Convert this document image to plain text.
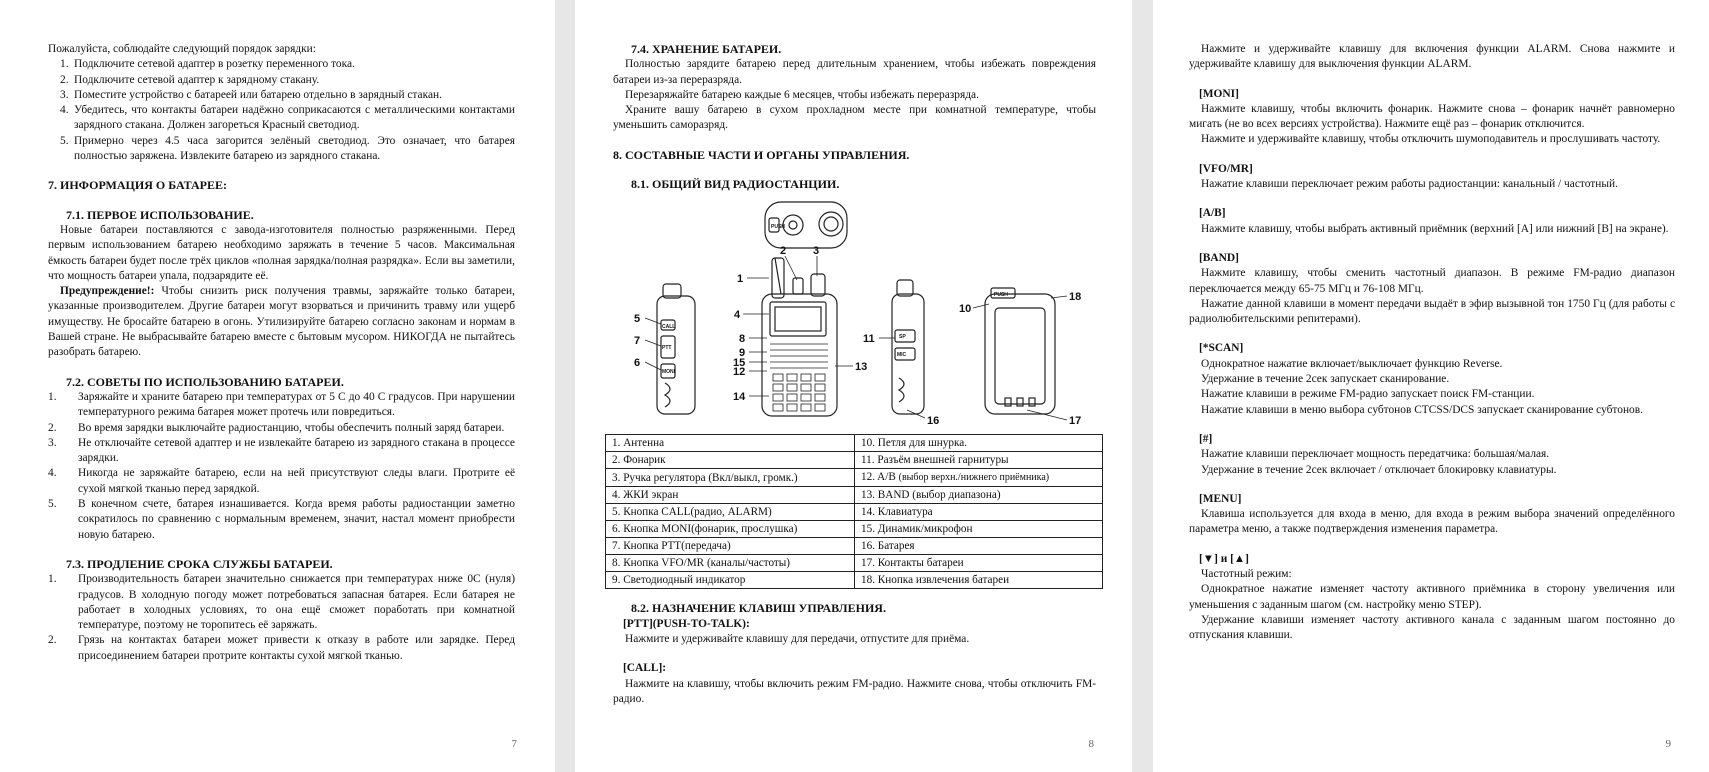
Пожалуйста, соблюдайте следующий порядок зарядки:

1. Подключите сетевой адаптер в розетку переменного тока.
2. Подключите сетевой адаптер к зарядному стакану.
3. Поместите устройство с батареей или батарею отдельно в зарядный стакан.
4. Убедитесь, что контакты батареи надёжно соприкасаются с металлическими контактами зарядного стакана. Должен загореться Красный светодиод.
5. Примерно через 4.5 часа загорится зелёный светодиод. Это означает, что батарея полностью заряжена. Извлеките батарею из зарядного стакана.
7. ИНФОРМАЦИЯ О БАТАРЕЕ:
7.1. ПЕРВОЕ ИСПОЛЬЗОВАНИЕ.

Новые батареи поставляются с завода-изготовителя полностью разряженными. Перед первым использованием батарею необходимо заряжать в течение 5 часов. Максимальная ёмкость батареи будет после трёх циклов «полная зарядка/полная разрядка». Если вы заметили, что мощность батареи упала, подзарядите её.

Предупреждение!: Чтобы снизить риск получения травмы, заряжайте только батареи, указанные производителем. Другие батареи могут взорваться и причинить травму или ущерб имуществу. Не бросайте батарею в огонь. Утилизируйте батарею согласно законам и нормам в Вашей стране. Не выбрасывайте батарею вместе с бытовым мусором. НИКОГДА не пытайтесь разобрать батарею.

7.2. СОВЕТЫ ПО ИСПОЛЬЗОВАНИЮ БАТАРЕИ.
1.	Заряжайте и храните батарею при температурах от 5 С до 40 С градусов. При нарушении температурного режима батарея может протечь или повредиться.
2.	Во время зарядки выключайте радиостанцию, чтобы обеспечить полный заряд батареи.
3.	Не отключайте сетевой адаптер и не извлекайте батарею из зарядного стакана в процессе зарядки.
4.	Никогда не заряжайте батарею, если на ней присутствуют следы влаги. Протрите её сухой мягкой тканью перед зарядкой.
5.	В конечном счете, батарея изнашивается. Когда время работы радиостанции заметно сократилось по сравнению с нормальным временем, значит, настал момент приобрести новую батарею.
7.3. ПРОДЛЕНИЕ СРОКА СЛУЖБЫ БАТАРЕИ.
1.	Производительность батареи значительно снижается при температурах ниже 0С (нуля) градусов. В холодную погоду может потребоваться запасная батарея. Если батарея не работает в холодных условиях, то она ещё сможет поработать при комнатной температуре, поэтому не торопитесь её заряжать.
2.	Грязь на контактах батареи может привести к отказу в работе или зарядке. Перед присоединением батареи протрите контакты сухой мягкой тканью.
7
7.4. ХРАНЕНИЕ БАТАРЕИ.

Полностью зарядите батарею перед длительным хранением, чтобы избежать повреждения батареи из-за переразряда.

Перезаряжайте батарею каждые 6 месяцев, чтобы избежать переразряда.

Храните вашу батарею в сухом прохладном месте при комнатной температуре, чтобы уменьшить саморазряд.

8. СОСТАВНЫЕ ЧАСТИ И ОРГАНЫ УПРАВЛЕНИЯ.
8.1. ОБЩИЙ ВИД РАДИОСТАНЦИИ.
1
2 3
4
5
6
7	8
9
15
12	13
14
10
11
16	17
18
CALL
PTT
MONI
SP
MIC
PUSH
PUSH
1. Антенна	10. Петля для шнурка.
2. Фонарик	11. Разъём внешней гарнитуры
3. Ручка регулятора (Вкл/выкл, громк.)	12. A/B (выбор верхн./нижнего приёмника)
4. ЖКИ экран	13. BAND (выбор диапазона)
5. Кнопка CALL(радио, ALARM)	14. Клавиатура
6. Кнопка MONI(фонарик, прослушка)	15. Динамик/микрофон
7. Кнопка PTT(передача)	16. Батарея
8. Кнопка VFO/MR (каналы/частоты)	17. Контакты батареи
9. Светодиодный индикатор	18. Кнопка извлечения батареи
8.2. НАЗНАЧЕНИЕ КЛАВИШ УПРАВЛЕНИЯ.
[PTT](PUSH-TO-TALK):

Нажмите и удерживайте клавишу для передачи, отпустите для приёма.

[CALL]:

Нажмите на клавишу, чтобы включить режим FM-радио. Нажмите снова, чтобы отключить FM-радио.

8

Нажмите и удерживайте клавишу для включения функции ALARM. Снова нажмите и удерживайте клавишу для выключения функции ALARM.

[MONI]

Нажмите клавишу, чтобы включить фонарик. Нажмите снова – фонарик начнёт равномерно мигать (не во всех версиях устройства). Нажмите ещё раз – фонарик отключится.

Нажмите и удерживайте клавишу, чтобы отключить шумоподавитель и прослушивать частоту.

[VFO/MR]

Нажатие клавиши переключает режим работы радиостанции: канальный / частотный.

[A/B]

Нажмите клавишу, чтобы выбрать активный приёмник (верхний [A] или нижний [B] на экране).

[BAND]

Нажмите клавишу, чтобы сменить частотный диапазон. В режиме FM-радио диапазон переключается между 65-75 МГц и 76-108 МГц.

Нажатие данной клавиши в момент передачи выдаёт в эфир вызывной тон 1750 Гц (для работы с радиолюбительскими репитерами).

[*SCAN]

Однократное нажатие включает/выключает функцию Reverse.

Удержание в течение 2сек запускает сканирование.

Нажатие клавиши в режиме FM-радио запускает поиск FM-станции.

Нажатие клавиши в меню выбора субтонов CTCSS/DCS запускает сканирование субтонов.

[#]

Нажатие клавиши переключает мощность передатчика: большая/малая.

Удержание в течение 2сек включает / отключает блокировку клавиатуры.

[MENU]

Клавиша используется для входа в меню, для входа в режим выбора значений определённого параметра меню, а также подтверждения изменения параметра.

[▼] и [▲]

Частотный режим:

Однократное нажатие изменяет частоту активного приёмника в сторону увеличения или уменьшения с заданным шагом (см. настройку меню STEP).

Удержание клавиши изменяет частоту активного канала с заданным шагом постоянно до отпускания клавиши.

9
